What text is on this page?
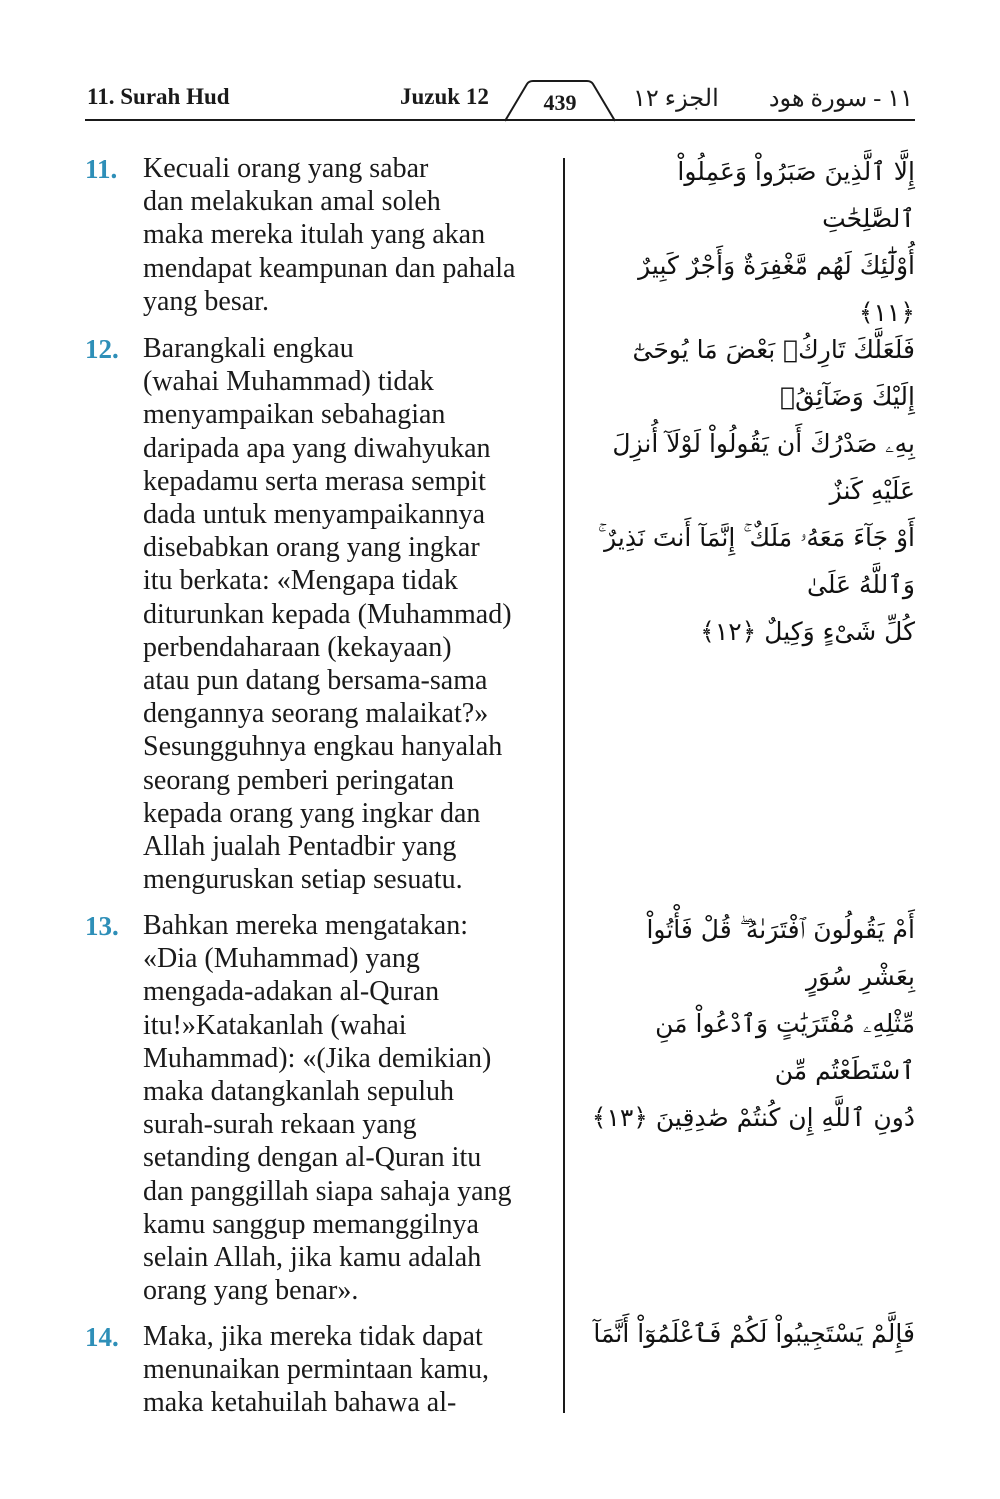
11. Surah Hud	Juzuk 12	439	الجزء ١٢ ١١ - سورة هود
11. Kecuali orang yang sabar
dan melakukan amal soleh
maka mereka itulah yang akan
mendapat keampunan dan pahala
yang besar.
إِلَّا ٱلَّذِينَ صَبَرُواْ وَعَمِلُواْ ٱلصَّٰلِحَٰتِ
أُوْلَٰٓئِكَ لَهُم مَّغْفِرَةٌ وَأَجْرٌ كَبِيرٌ ﴿١١﴾
12. Barangkali engkau
(wahai Muhammad) tidak
menyampaikan sebahagian
daripada apa yang diwahyukan
kepadamu serta merasa sempit
dada untuk menyampaikannya
disebabkan orang yang ingkar
itu berkata: «Mengapa tidak
diturunkan kepada (Muhammad)
perbendaharaan (kekayaan)
atau pun datang bersama-sama
dengannya seorang malaikat?»
Sesungguhnya engkau hanyalah
seorang pemberi peringatan
kepada orang yang ingkar dan
Allah jualah Pentadbir yang
menguruskan setiap sesuatu.
فَلَعَلَّكَ تَارِكُۢ بَعْضَ مَا يُوحَىٰٓ إِلَيْكَ وَضَآئِقُۢ
بِهِۦ صَدْرُكَ أَن يَقُولُواْ لَوْلَآ أُنزِلَ عَلَيْهِ كَنزٌ
أَوْ جَآءَ مَعَهُۥ مَلَكٌ ۚ إِنَّمَآ أَنتَ نَذِيرٌ ۚ وَٱللَّهُ عَلَىٰ
كُلِّ شَىْءٍ وَكِيلٌ ﴿١٢﴾
13. Bahkan mereka mengatakan:
«Dia (Muhammad) yang
mengada-adakan al-Quran
itu!»Katakanlah (wahai
Muhammad): «(Jika demikian)
maka datangkanlah sepuluh
surah-surah rekaan yang
setanding dengan al-Quran itu
dan panggillah siapa sahaja yang
kamu sanggup memanggilnya
selain Allah, jika kamu adalah
orang yang benar».
أَمْ يَقُولُونَ ٱفْتَرَىٰهُ ۖ قُلْ فَأْتُواْ بِعَشْرِ سُوَرٍ
مِّثْلِهِۦ مُفْتَرَيَٰتٍ وَٱدْعُواْ مَنِ ٱسْتَطَعْتُم مِّن
دُونِ ٱللَّهِ إِن كُنتُمْ صَٰدِقِينَ ﴿١٣﴾
14. Maka, jika mereka tidak dapat
menunaikan permintaan kamu,
maka ketahuilah bahawa al-
فَإِلَّمْ يَسْتَجِيبُواْ لَكُمْ فَٱعْلَمُوٓاْ أَنَّمَآ
